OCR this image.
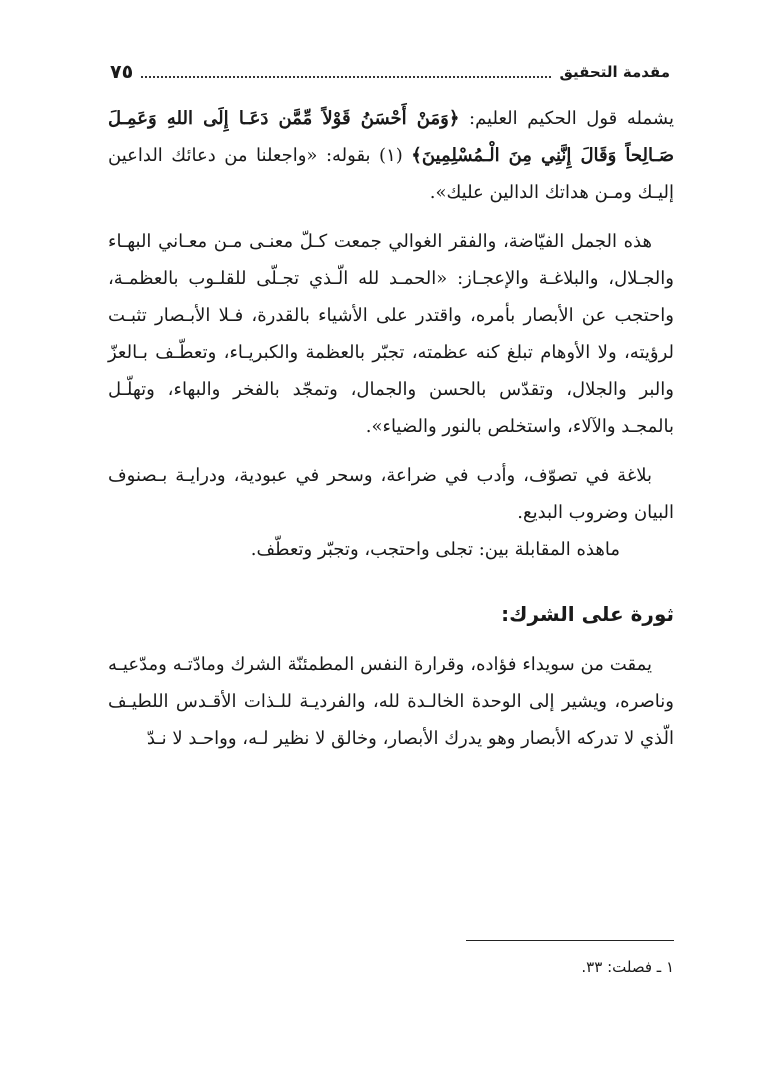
مقدمة التحقيق
٧٥

يشمله قول الحكيم العليم: ﴿وَمَنْ أَحْسَنُ قَوْلاً مِّمَّن دَعَـا إِلَى اللهِ وَعَمِـلَ صَـالِحاً وَقَالَ إِنَّنِي مِنَ الْـمُسْلِمِينَ﴾ (١) بقوله: «واجعلنا من دعائك الداعين إليـك ومـن هداتك الدالين عليك».

هذه الجمل الفيّاضة، والفقر الغوالي جمعت كـلّ معنـى مـن معـاني البهـاء والجـلال، والبلاغـة والإعجـاز: «الحمـد لله الّـذي تجـلّى للقلـوب بالعظمـة، واحتجب عن الأبصار بأمره، واقتدر على الأشياء بالقدرة، فـلا الأبـصار تثبـت لرؤيته، ولا الأوهام تبلغ كنه عظمته، تجبّر بالعظمة والكبريـاء، وتعطّـف بـالعزّ والبر والجلال، وتقدّس بالحسن والجمال، وتمجّد بالفخر والبهاء، وتهلّـل بالمجـد والآلاء، واستخلص بالنور والضياء».

بلاغة في تصوّف، وأدب في ضراعة، وسحر في عبودية، ودرايـة بـصنوف البيان وضروب البديع.

ماهذه المقابلة بين: تجلى واحتجب، وتجبّر وتعطّف.

ثورة على الشرك:

يمقت من سويداء فؤاده، وقرارة النفس المطمئنّة الشرك ومادّتـه ومدّعيـه وناصره، ويشير إلى الوحدة الخالـدة لله، والفرديـة للـذات الأقـدس اللطيـف الّذي لا تدركه الأبصار وهو يدرك الأبصار، وخالق لا نظير لـه، وواحـد لا نـدّ

١ ـ فصلت: ٣٣.
